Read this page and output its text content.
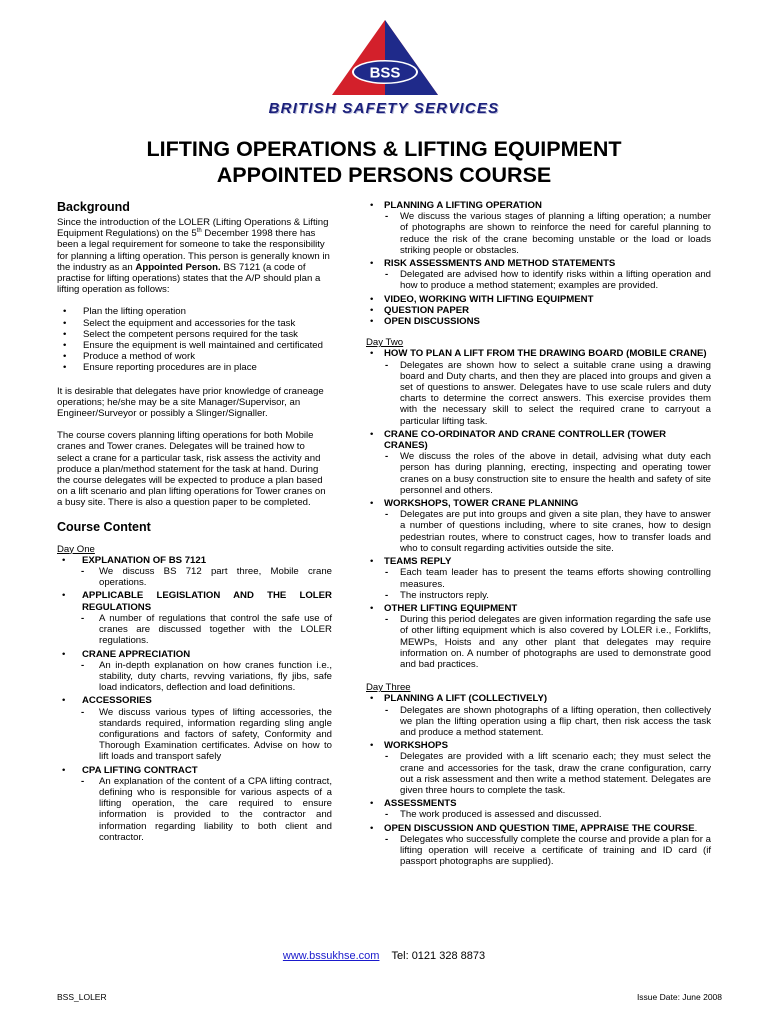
BSS
BRITISH SAFETY SERVICES
LIFTING OPERATIONS & LIFTING EQUIPMENT
APPOINTED PERSONS COURSE
Background

Since the introduction of the LOLER (Lifting Operations & Lifting Equipment Regulations) on the 5th December 1998 there has been a legal requirement for someone to take the responsibility for planning a lifting operation. This person is generally known in the industry as an Appointed Person. BS 7121 (a code of practise for lifting operations) states that the A/P should plan a lifting operation as follows:

• Plan the lifting operation
• Select the equipment and accessories for the task
• Select the competent persons required for the task
• Ensure the equipment is well maintained and certificated
• Produce a method of work
• Ensure reporting procedures are in place

It is desirable that delegates have prior knowledge of craneage operations; he/she may be a site Manager/Supervisor, an Engineer/Surveyor or possibly a Slinger/Signaller.

The course covers planning lifting operations for both Mobile cranes and Tower cranes. Delegates will be trained how to select a crane for a particular task, risk assess the activity and produce a plan/method statement for the task at hand. During the course delegates will be expected to produce a plan based on a lift scenario and plan lifting operations for Tower cranes on a busy site. There is also a question paper to be completed.

Course Content
Day One
• EXPLANATION OF BS 7121
- We discuss BS 712 part three, Mobile crane operations.
• APPLICABLE LEGISLATION AND THE LOLER REGULATIONS
- A number of regulations that control the safe use of cranes are discussed together with the LOLER regulations.
• CRANE APPRECIATION
- An in-depth explanation on how cranes function i.e., stability, duty charts, revving variations, fly jibs, safe load indicators, deflection and load definitions.
• ACCESSORIES
- We discuss various types of lifting accessories, the standards required, information regarding sling angle configurations and factors of safety, Conformity and Thorough Examination certificates. Advise on how to lift loads and transport safely
• CPA LIFTING CONTRACT
- An explanation of the content of a CPA lifting contract, defining who is responsible for various aspects of a lifting operation, the care required to ensure information is provided to the contractor and information regarding liability to both client and contractor.
• PLANNING A LIFTING OPERATION
- We discuss the various stages of planning a lifting operation; a number of photographs are shown to reinforce the need for careful planning to reduce the risk of the crane becoming unstable or the load or loads striking people or obstacles.
• RISK ASSESSMENTS AND METHOD STATEMENTS
- Delegated are advised how to identify risks within a lifting operation and how to produce a method statement; examples are provided.
• VIDEO, WORKING WITH LIFTING EQUIPMENT
• QUESTION PAPER
• OPEN DISCUSSIONS
Day Two
• HOW TO PLAN A LIFT FROM THE DRAWING BOARD (MOBILE CRANE)
- Delegates are shown how to select a suitable crane using a drawing board and Duty charts, and then they are placed into groups and given a set of questions to answer. Delegates have to use scale rulers and duty charts to determine the correct answers. This exercise provides them with the necessary skill to select the required crane to carryout a particular lifting task.
• CRANE CO-ORDINATOR AND CRANE CONTROLLER (TOWER CRANES)
- We discuss the roles of the above in detail, advising what duty each person has during planning, erecting, inspecting and operating tower cranes on a busy construction site to ensure the health and safety of site personnel and others.
• WORKSHOPS, TOWER CRANE PLANNING
- Delegates are put into groups and given a site plan, they have to answer a number of questions including, where to site cranes, how to design pedestrian routes, where to construct cages, how to transfer loads and who to consult regarding activities outside the site.
• TEAMS REPLY
- Each team leader has to present the teams efforts showing controlling measures.
- The instructors reply.
• OTHER LIFTING EQUIPMENT
- During this period delegates are given information regarding the safe use of other lifting equipment which is also covered by LOLER i.e., Forklifts, MEWPs, Hoists and any other plant that delegates may require information on. A number of photographs are used to demonstrate good and bad practices.
Day Three
• PLANNING A LIFT (COLLECTIVELY)
- Delegates are shown photographs of a lifting operation, then collectively we plan the lifting operation using a flip chart, then risk access the task and produce a method statement.
• WORKSHOPS
- Delegates are provided with a lift scenario each; they must select the crane and accessories for the task, draw the crane configuration, carry out a risk assessment and then write a method statement. Delegates are given three hours to complete the task.
• ASSESSMENTS
- The work produced is assessed and discussed.
• OPEN DISCUSSION AND QUESTION TIME, APPRAISE THE COURSE.
- Delegates who successfully complete the course and provide a plan for a lifting operation will receive a certificate of training and ID card (if passport photographs are supplied).
www.bssukhse.com Tel: 0121 328 8873
BSS_LOLER	Issue Date: June 2008
